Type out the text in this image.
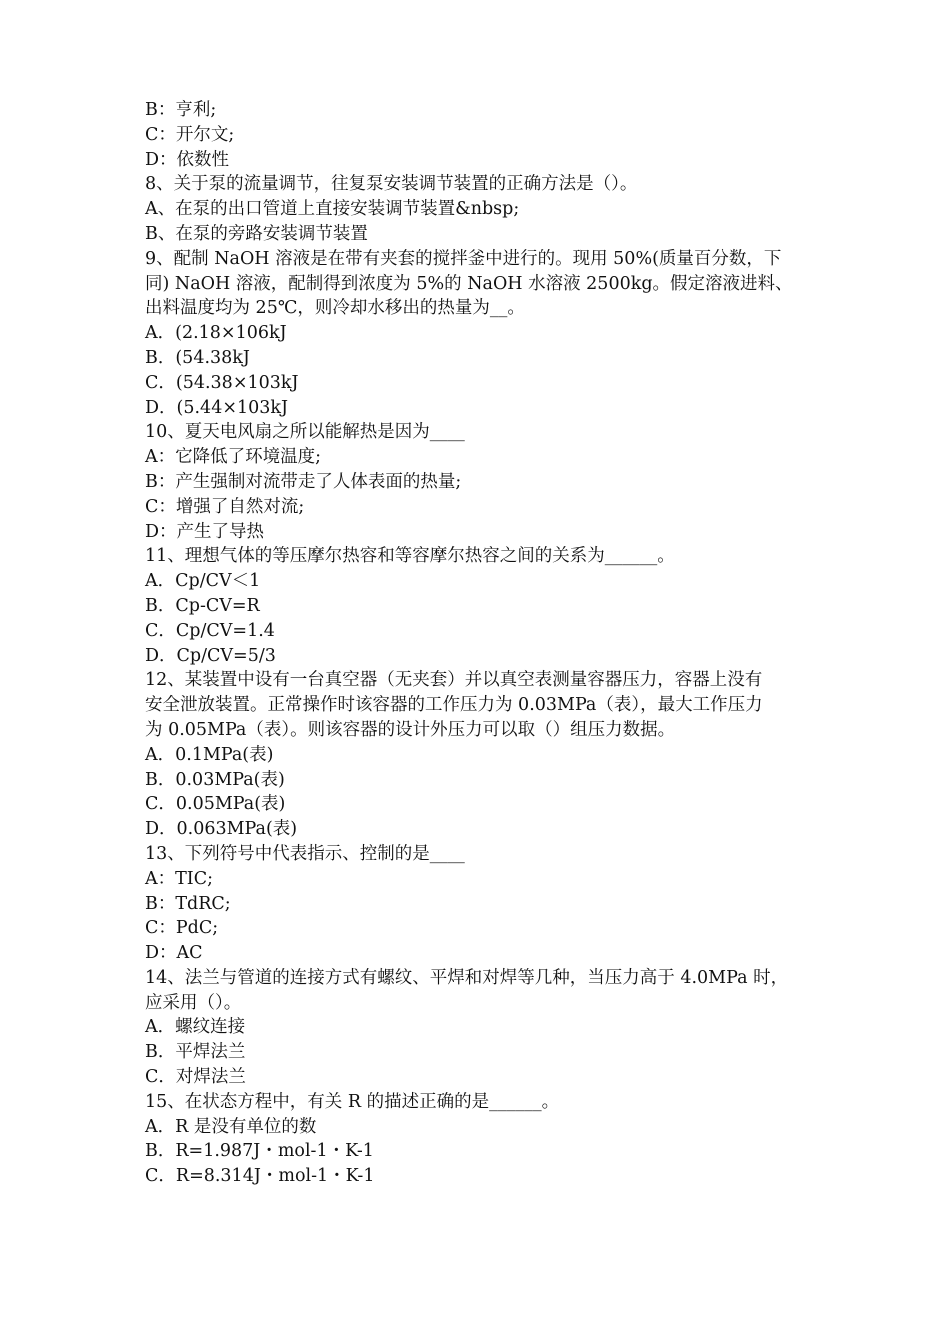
B：亨利;
C：开尔文;
D：依数性
8、关于泵的流量调节，往复泵安装调节装置的正确方法是（）。
A、在泵的出口管道上直接安装调节装置&nbsp;
B、在泵的旁路安装调节装置
9、配制 NaOH 溶液是在带有夹套的搅拌釜中进行的。现用 50%(质量百分数，下
同) NaOH 溶液，配制得到浓度为 5%的 NaOH 水溶液 2500kg。假定溶液进料、
出料温度均为 25℃，则冷却水移出的热量为__。
A．(2.18×106kJ
B．(54.38kJ
C．(54.38×103kJ
D．(5.44×103kJ
10、夏天电风扇之所以能解热是因为____
A：它降低了环境温度;
B：产生强制对流带走了人体表面的热量;
C：增强了自然对流;
D：产生了导热
11、理想气体的等压摩尔热容和等容摩尔热容之间的关系为______。
A．Cp/CV＜1
B．Cp-CV=R
C．Cp/CV=1.4
D．Cp/CV=5/3
12、某装置中设有一台真空器（无夹套）并以真空表测量容器压力，容器上没有
安全泄放装置。正常操作时该容器的工作压力为 0.03MPa（表），最大工作压力
为 0.05MPa（表）。则该容器的设计外压力可以取（）组压力数据。
A．0.1MPa(表)
B．0.03MPa(表)
C．0.05MPa(表)
D．0.063MPa(表)
13、下列符号中代表指示、控制的是____
A：TIC;
B：TdRC;
C：PdC;
D：AC
14、法兰与管道的连接方式有螺纹、平焊和对焊等几种，当压力高于 4.0MPa 时，
应采用（）。
A．螺纹连接
B．平焊法兰
C．对焊法兰
15、在状态方程中，有关 R 的描述正确的是______。
A．R 是没有单位的数
B．R=1.987J・mol-1・K-1
C．R=8.314J・mol-1・K-1
